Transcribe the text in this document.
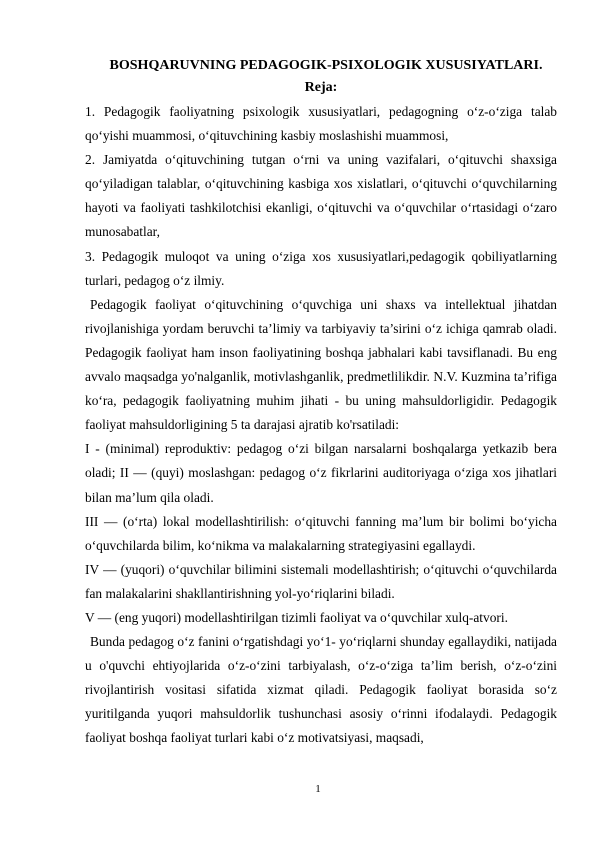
BOSHQARUVNING PEDAGOGIK-PSIXOLOGIK XUSUSIYATLARI.
Reja:

1. Pedagogik faoliyatning psixologik xususiyatlari, pedagogning o‘z-o‘ziga talab qo‘yishi muammosi, o‘qituvchining kasbiy moslashishi muammosi,

2. Jamiyatda o‘qituvchining tutgan o‘rni va uning vazifalari, o‘qituvchi shaxsiga qo‘yiladigan talablar, o‘qituvchining kasbiga xos xislatlari, o‘qituvchi o‘quvchilarning hayoti va faoliyati tashkilotchisi ekanligi, o‘qituvchi va o‘quvchilar o‘rtasidagi o‘zaro munosabatlar,

3. Pedagogik muloqot va uning o‘ziga xos xususiyatlari,pedagogik qobiliyatlarning turlari, pedagog o‘z ilmiy.

Pedagogik faoliyat o‘qituvchining o‘quvchiga uni shaxs va intellektual jihatdan rivojlanishiga yordam beruvchi ta’limiy va tarbiyaviy ta’sirini o‘z ichiga qamrab oladi. Pedagogik faoliyat ham inson faoliyatining boshqa jabhalari kabi tavsiflanadi. Bu eng avvalo maqsadga yo'nalganlik, motivlashganlik, predmetlilikdir. N.V. Kuzmina ta’rifiga ko‘ra, pedagogik faoliyatning muhim jihati - bu uning mahsuldorligidir. Pedagogik faoliyat mahsuldorligining 5 ta darajasi ajratib ko'rsatiladi:

I - (minimal) reproduktiv: pedagog o‘zi bilgan narsalarni boshqalarga yetkazib bera oladi; II — (quyi) moslashgan: pedagog o‘z fikrlarini auditoriyaga o‘ziga xos jihatlari bilan ma’lum qila oladi.

III — (o‘rta) lokal modellashtirilish: o‘qituvchi fanning ma’lum bir bolimi bo‘yicha o‘quvchilarda bilim, ko‘nikma va malakalarning strategiyasini egallaydi.

IV — (yuqori) o‘quvchilar bilimini sistemali modellashtirish; o‘qituvchi o‘quvchilarda fan malakalarini shakllantirishning yol-yo‘riqlarini biladi.

V — (eng yuqori) modellashtirilgan tizimli faoliyat va o‘quvchilar xulq-atvori.

Bunda pedagog o‘z fanini o‘rgatishdagi yo‘1- yo‘riqlarni shunday egallaydiki, natijada u o'quvchi ehtiyojlarida o‘z-o‘zini tarbiyalash, o‘z-o‘ziga ta’lim berish, o‘z-o‘zini rivojlantirish vositasi sifatida xizmat qiladi. Pedagogik faoliyat borasida so‘z yuritilganda yuqori mahsuldorlik tushunchasi asosiy o‘rinni ifodalaydi. Pedagogik faoliyat boshqa faoliyat turlari kabi o‘z motivatsiyasi, maqsadi,

1
